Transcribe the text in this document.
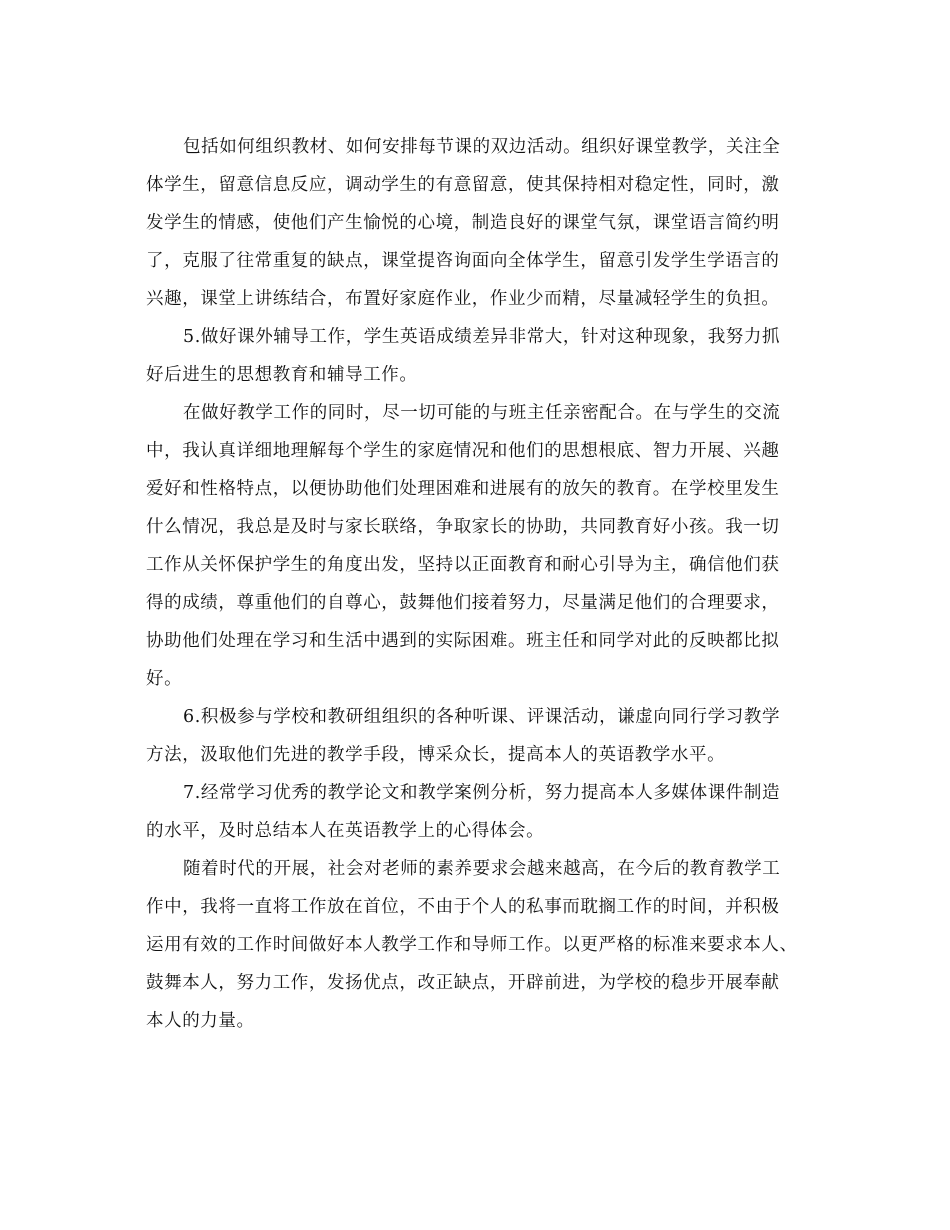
包括如何组织教材、如何安排每节课的双边活动。组织好课堂教学，关注全
体学生，留意信息反应，调动学生的有意留意，使其保持相对稳定性，同时，激
发学生的情感，使他们产生愉悦的心境，制造良好的课堂气氛，课堂语言简约明
了，克服了往常重复的缺点，课堂提咨询面向全体学生，留意引发学生学语言的
兴趣，课堂上讲练结合，布置好家庭作业，作业少而精，尽量减轻学生的负担。
5.做好课外辅导工作，学生英语成绩差异非常大，针对这种现象，我努力抓
好后进生的思想教育和辅导工作。
在做好教学工作的同时，尽一切可能的与班主任亲密配合。在与学生的交流
中，我认真详细地理解每个学生的家庭情况和他们的思想根底、智力开展、兴趣
爱好和性格特点，以便协助他们处理困难和进展有的放矢的教育。在学校里发生
什么情况，我总是及时与家长联络，争取家长的协助，共同教育好小孩。我一切
工作从关怀保护学生的角度出发，坚持以正面教育和耐心引导为主，确信他们获
得的成绩，尊重他们的自尊心，鼓舞他们接着努力，尽量满足他们的合理要求，
协助他们处理在学习和生活中遇到的实际困难。班主任和同学对此的反映都比拟
好。
6.积极参与学校和教研组组织的各种听课、评课活动，谦虚向同行学习教学
方法，汲取他们先进的教学手段，博采众长，提高本人的英语教学水平。
7.经常学习优秀的教学论文和教学案例分析，努力提高本人多媒体课件制造
的水平，及时总结本人在英语教学上的心得体会。
随着时代的开展，社会对老师的素养要求会越来越高，在今后的教育教学工
作中，我将一直将工作放在首位，不由于个人的私事而耽搁工作的时间，并积极
运用有效的工作时间做好本人教学工作和导师工作。以更严格的标准来要求本人、
鼓舞本人，努力工作，发扬优点，改正缺点，开辟前进，为学校的稳步开展奉献
本人的力量。
